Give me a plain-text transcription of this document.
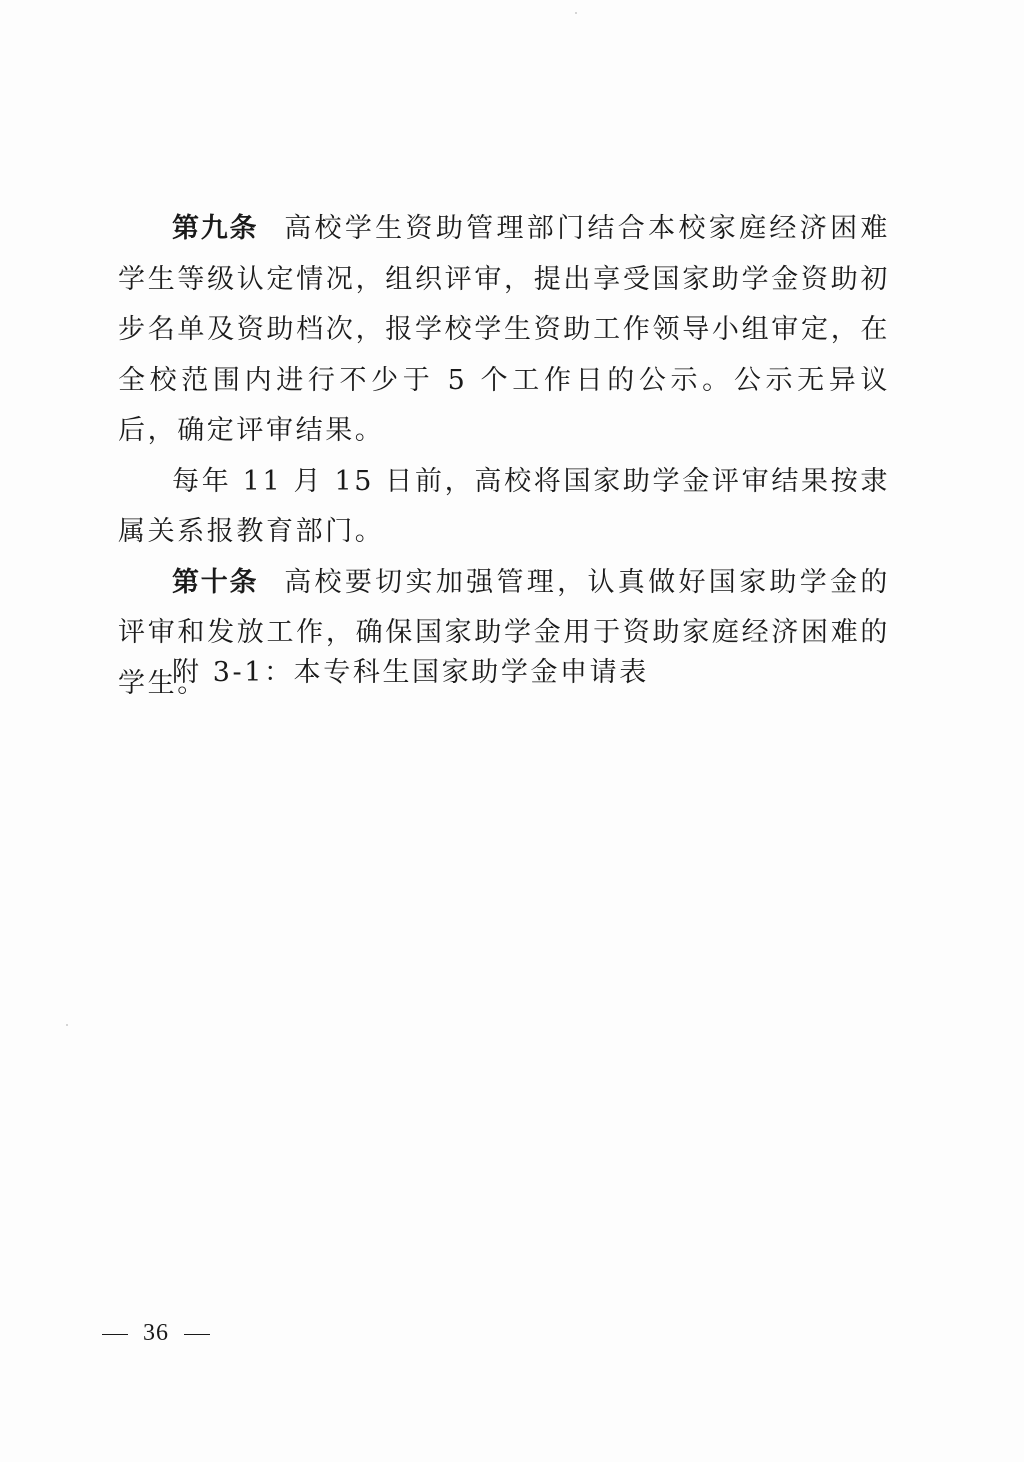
第九条 高校学生资助管理部门结合本校家庭经济困难学生等级认定情况，组织评审，提出享受国家助学金资助初步名单及资助档次，报学校学生资助工作领导小组审定，在全校范围内进行不少于 5 个工作日的公示。公示无异议后，确定评审结果。

每年 11 月 15 日前，高校将国家助学金评审结果按隶属关系报教育部门。

第十条 高校要切实加强管理，认真做好国家助学金的评审和发放工作，确保国家助学金用于资助家庭经济困难的学生。

附 3-1：本专科生国家助学金申请表

36
